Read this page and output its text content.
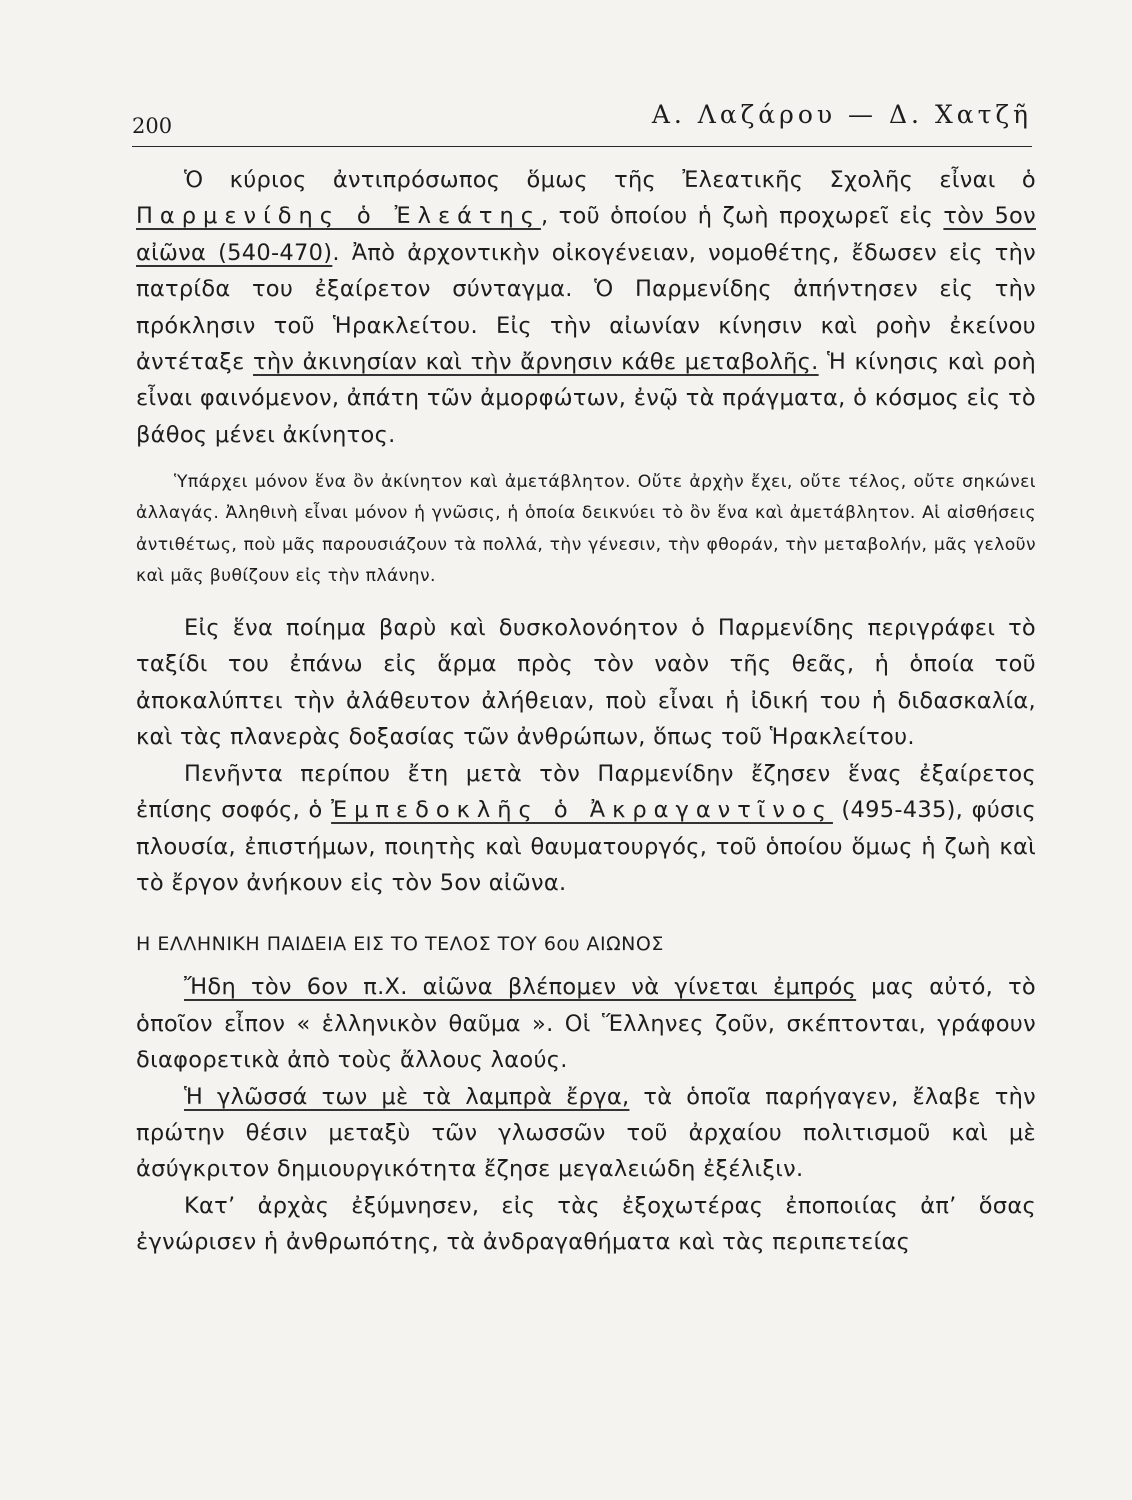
200	Α. Λαζάρου — Δ. Χατζῆ

Ὁ κύριος ἀντιπρόσωπος ὅμως τῆς Ἐλεατικῆς Σχολῆς εἶναι ὁ Παρμενίδης ὁ Ἐλεάτης, τοῦ ὁποίου ἡ ζωὴ προχωρεῖ εἰς τὸν 5ον αἰῶνα (540-470). Ἀπὸ ἀρχοντικὴν οἰκογένειαν, νομοθέτης, ἔδωσεν εἰς τὴν πατρίδα του ἐξαίρετον σύνταγμα. Ὁ Παρμενίδης ἀπήντησεν εἰς τὴν πρόκλησιν τοῦ Ἡρακλείτου. Εἰς τὴν αἰωνίαν κίνησιν καὶ ροὴν ἐκείνου ἀντέταξε τὴν ἀκινησίαν καὶ τὴν ἄρνησιν κάθε μεταβολῆς. Ἡ κίνησις καὶ ροὴ εἶναι φαινόμενον, ἀπάτη τῶν ἀμορφώτων, ἐνῷ τὰ πράγματα, ὁ κόσμος εἰς τὸ βάθος μένει ἀκίνητος.

Ὑπάρχει μόνον ἕνα ὂν ἀκίνητον καὶ ἀμετάβλητον. Οὔτε ἀρχὴν ἔχει, οὔτε τέλος, οὔτε σηκώνει ἀλλαγάς. Ἀληθινὴ εἶναι μόνον ἡ γνῶσις, ἡ ὁποία δεικνύει τὸ ὂν ἕνα καὶ ἀμετάβλητον. Αἱ αἰσθήσεις ἀντιθέτως, ποὺ μᾶς παρουσιάζουν τὰ πολλά, τὴν γένεσιν, τὴν φθοράν, τὴν μεταβολήν, μᾶς γελοῦν καὶ μᾶς βυθίζουν εἰς τὴν πλάνην.

Εἰς ἕνα ποίημα βαρὺ καὶ δυσκολονόητον ὁ Παρμενίδης περιγράφει τὸ ταξίδι του ἐπάνω εἰς ἅρμα πρὸς τὸν ναὸν τῆς θεᾶς, ἡ ὁποία τοῦ ἀποκαλύπτει τὴν ἀλάθευτον ἀλήθειαν, ποὺ εἶναι ἡ ἰδική του ἡ διδασκαλία, καὶ τὰς πλανερὰς δοξασίας τῶν ἀνθρώπων, ὅπως τοῦ Ἡρακλείτου.

Πενῆντα περίπου ἔτη μετὰ τὸν Παρμενίδην ἔζησεν ἕνας ἐξαίρετος ἐπίσης σοφός, ὁ Ἐμπεδοκλῆς ὁ Ἀκραγαντῖνος (495-435), φύσις πλουσία, ἐπιστήμων, ποιητὴς καὶ θαυματουργός, τοῦ ὁποίου ὅμως ἡ ζωὴ καὶ τὸ ἔργον ἀνήκουν εἰς τὸν 5ον αἰῶνα.

Η ΕΛΛΗΝΙΚΗ ΠΑΙΔΕΙΑ ΕΙΣ ΤΟ ΤΕΛΟΣ ΤΟΥ 6ου ΑΙΩΝΟΣ

Ἤδη τὸν 6ον π.Χ. αἰῶνα βλέπομεν νὰ γίνεται ἐμπρός μας αὐτό, τὸ ὁποῖον εἶπον « ἑλληνικὸν θαῦμα ». Οἱ Ἕλληνες ζοῦν, σκέπτονται, γράφουν διαφορετικὰ ἀπὸ τοὺς ἄλλους λαούς.

Ἡ γλῶσσά των μὲ τὰ λαμπρὰ ἔργα, τὰ ὁποῖα παρήγαγεν, ἔλαβε τὴν πρώτην θέσιν μεταξὺ τῶν γλωσσῶν τοῦ ἀρχαίου πολιτισμοῦ καὶ μὲ ἀσύγκριτον δημιουργικότητα ἔζησε μεγαλειώδη ἐξέλιξιν.

Κατ’ ἀρχὰς ἐξύμνησεν, εἰς τὰς ἐξοχωτέρας ἐποποιίας ἀπ’ ὅσας ἐγνώρισεν ἡ ἀνθρωπότης, τὰ ἀνδραγαθήματα καὶ τὰς περιπετείας
